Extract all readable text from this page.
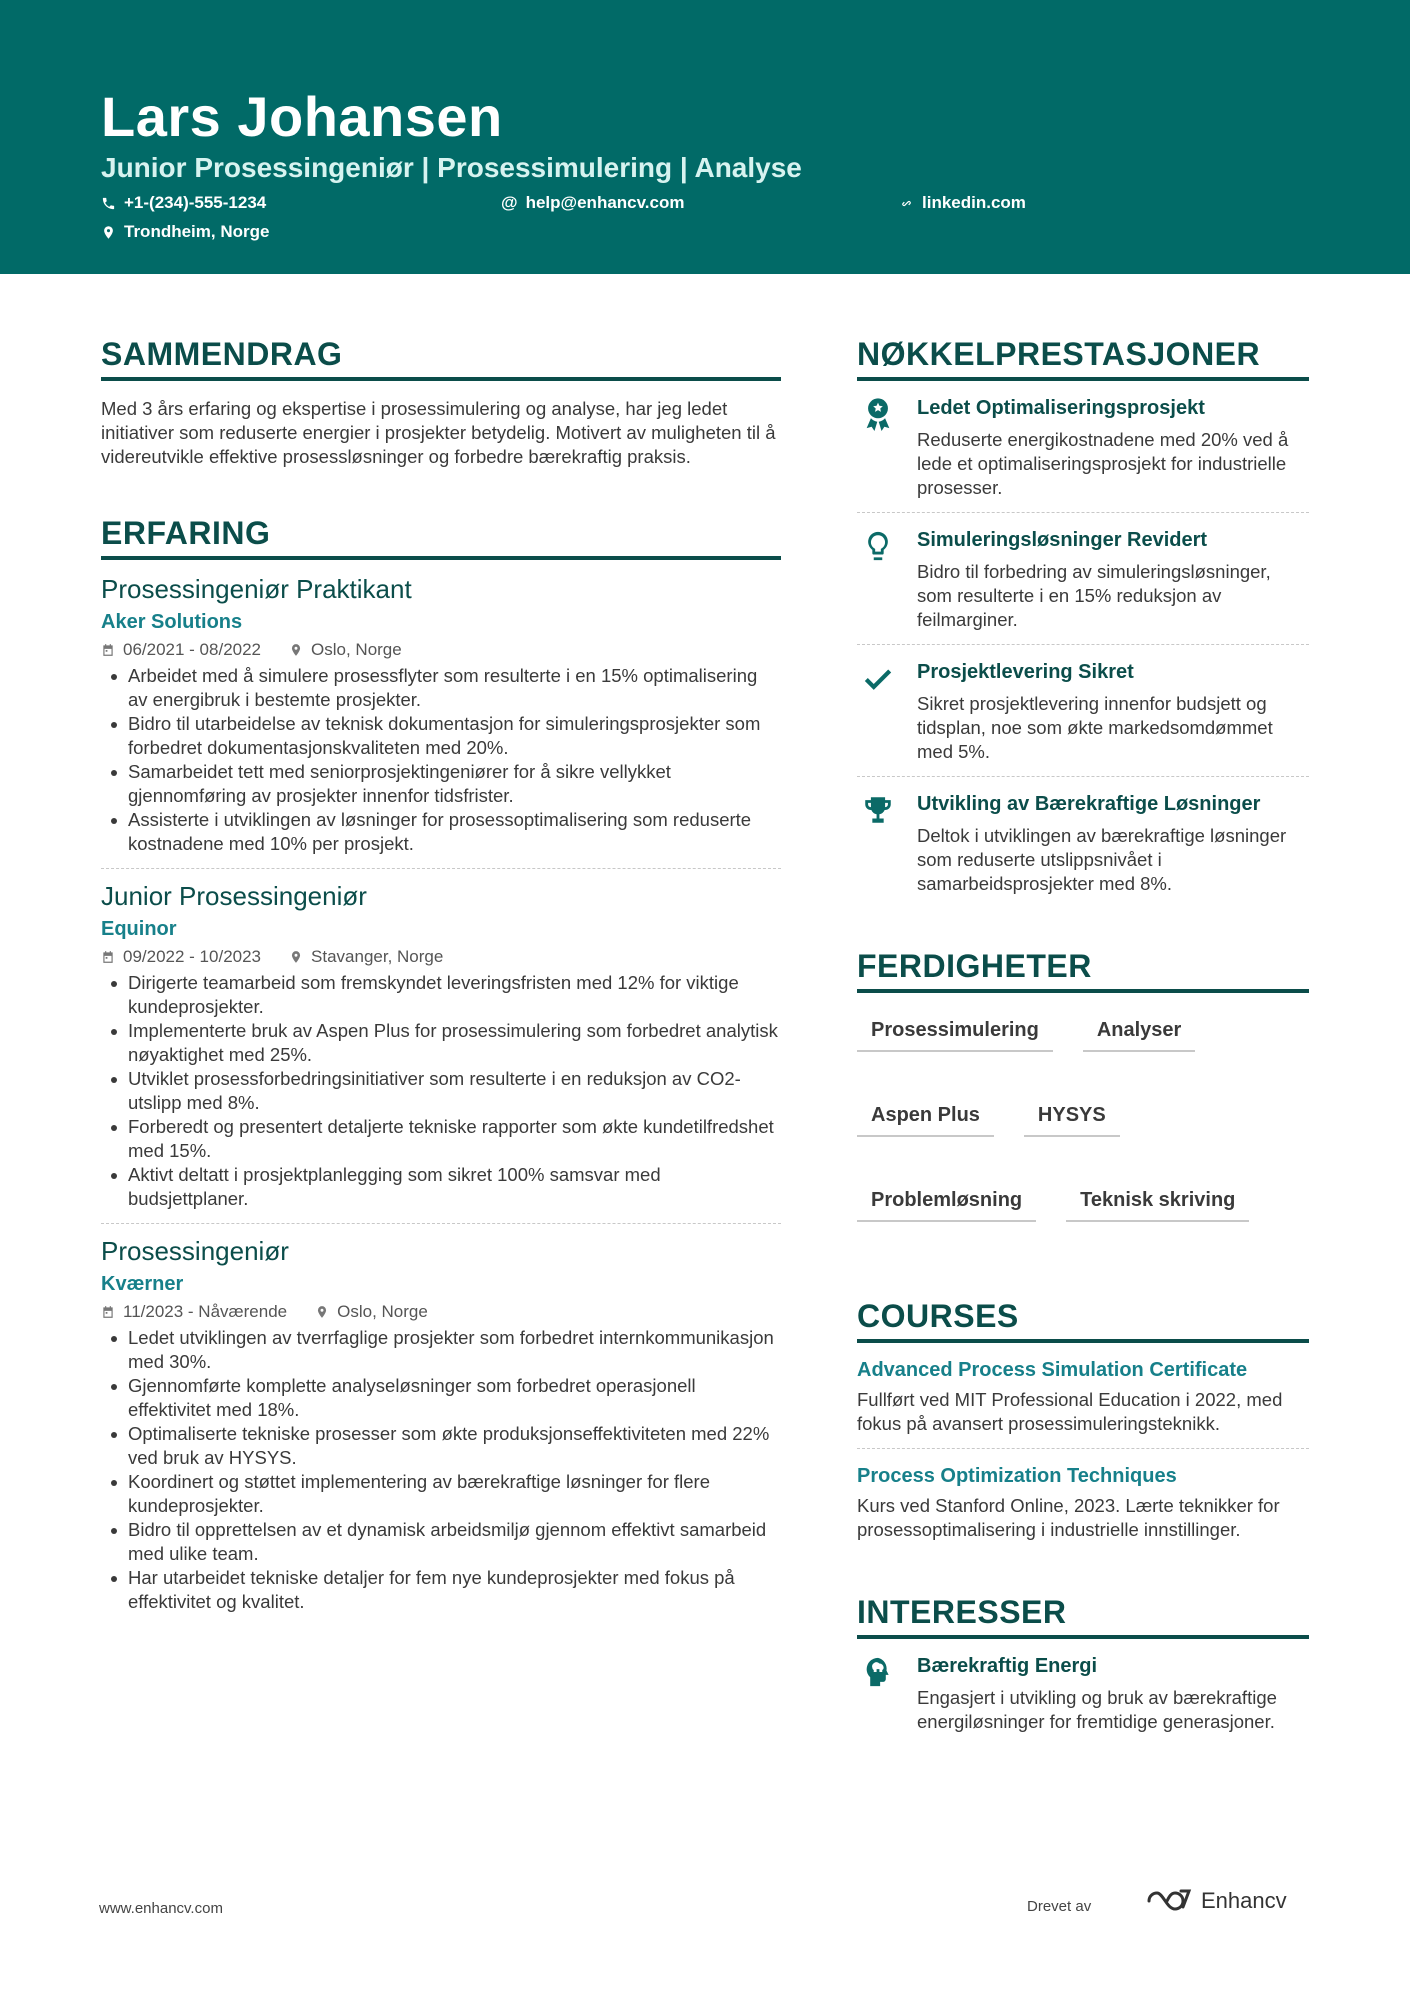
Lars Johansen
Junior Prosessingeniør | Prosessimulering | Analyse
+1-(234)-555-1234	@ help@enhancv.com	linkedin.com
Trondheim, Norge
SAMMENDRAG
Med 3 års erfaring og ekspertise i prosessimulering og analyse, har jeg ledet initiativer som reduserte energier i prosjekter betydelig. Motivert av muligheten til å videreutvikle effektive prosessløsninger og forbedre bærekraftig praksis.
ERFARING
Prosessingeniør Praktikant
Aker Solutions
06/2021 - 08/2022	Oslo, Norge
Arbeidet med å simulere prosessflyter som resulterte i en 15% optimalisering av energibruk i bestemte prosjekter.
Bidro til utarbeidelse av teknisk dokumentasjon for simuleringsprosjekter som forbedret dokumentasjonskvaliteten med 20%.
Samarbeidet tett med seniorprosjektingeniører for å sikre vellykket gjennomføring av prosjekter innenfor tidsfrister.
Assisterte i utviklingen av løsninger for prosessoptimalisering som reduserte kostnadene med 10% per prosjekt.
Junior Prosessingeniør
Equinor
09/2022 - 10/2023	Stavanger, Norge
Dirigerte teamarbeid som fremskyndet leveringsfristen med 12% for viktige kundeprosjekter.
Implementerte bruk av Aspen Plus for prosessimulering som forbedret analytisk nøyaktighet med 25%.
Utviklet prosessforbedringsinitiativer som resulterte i en reduksjon av CO2-utslipp med 8%.
Forberedt og presentert detaljerte tekniske rapporter som økte kundetilfredshet med 15%.
Aktivt deltatt i prosjektplanlegging som sikret 100% samsvar med budsjettplaner.
Prosessingeniør
Kværner
11/2023 - Nåværende	Oslo, Norge
Ledet utviklingen av tverrfaglige prosjekter som forbedret internkommunikasjon med 30%.
Gjennomførte komplette analyseløsninger som forbedret operasjonell effektivitet med 18%.
Optimaliserte tekniske prosesser som økte produksjonseffektiviteten med 22% ved bruk av HYSYS.
Koordinert og støttet implementering av bærekraftige løsninger for flere kundeprosjekter.
Bidro til opprettelsen av et dynamisk arbeidsmiljø gjennom effektivt samarbeid med ulike team.
Har utarbeidet tekniske detaljer for fem nye kundeprosjekter med fokus på effektivitet og kvalitet.
NØKKELPRESTASJONER
Ledet Optimaliseringsprosjekt
Reduserte energikostnadene med 20% ved å lede et optimaliseringsprosjekt for industrielle prosesser.
Simuleringsløsninger Revidert
Bidro til forbedring av simuleringsløsninger, som resulterte i en 15% reduksjon av feilmarginer.
Prosjektlevering Sikret
Sikret prosjektlevering innenfor budsjett og tidsplan, noe som økte markedsomdømmet med 5%.
Utvikling av Bærekraftige Løsninger
Deltok i utviklingen av bærekraftige løsninger som reduserte utslippsnivået i samarbeidsprosjekter med 8%.
FERDIGHETER
Prosessimulering	Analyser
Aspen Plus	HYSYS
Problemløsning	Teknisk skriving
COURSES
Advanced Process Simulation Certificate
Fullført ved MIT Professional Education i 2022, med fokus på avansert prosessimuleringsteknikk.
Process Optimization Techniques
Kurs ved Stanford Online, 2023. Lærte teknikker for prosessoptimalisering i industrielle innstillinger.
INTERESSER
Bærekraftig Energi
Engasjert i utvikling og bruk av bærekraftige energiløsninger for fremtidige generasjoner.
www.enhancv.com	Drevet av	Enhancv
